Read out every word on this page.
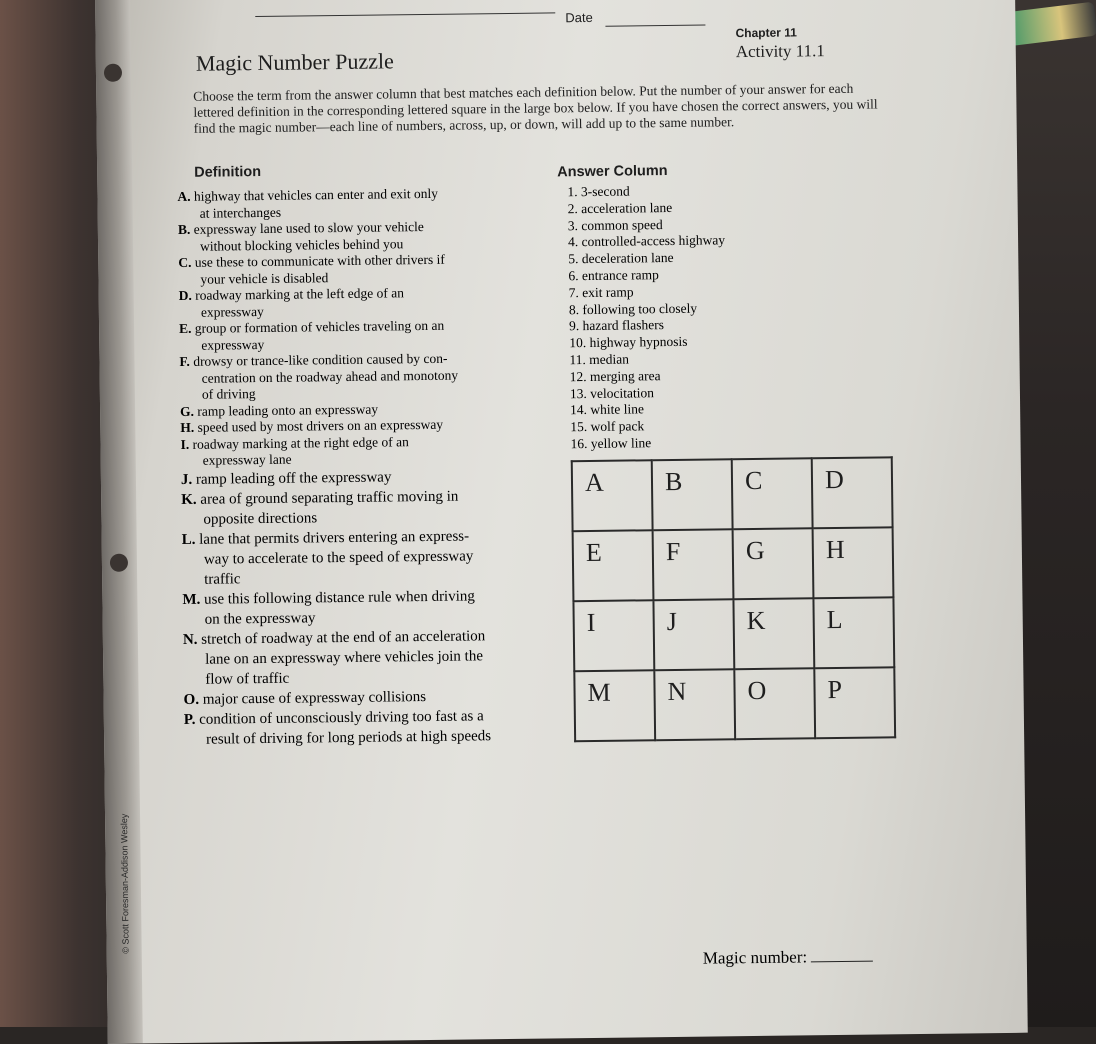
© Scott Foresman-Addison Wesley
Date
Chapter 11
Activity 11.1
Magic Number Puzzle
Choose the term from the answer column that best matches each definition below. Put the number of your answer for each lettered definition in the corresponding lettered square in the large box below. If you have chosen the correct answers, you will find the magic number—each line of numbers, across, up, or down, will add up to the same number.
Definition	Answer Column
A. highway that vehicles can enter and exit only
at interchanges
B. expressway lane used to slow your vehicle
without blocking vehicles behind you
C. use these to communicate with other drivers if
your vehicle is disabled
D. roadway marking at the left edge of an
expressway
E. group or formation of vehicles traveling on an
expressway
F. drowsy or trance-like condition caused by con-
centration on the roadway ahead and monotony
of driving
G. ramp leading onto an expressway
H. speed used by most drivers on an expressway
I. roadway marking at the right edge of an
expressway lane
J. ramp leading off the expressway
K. area of ground separating traffic moving in
opposite directions
L. lane that permits drivers entering an express-
way to accelerate to the speed of expressway
traffic
M. use this following distance rule when driving
on the expressway
N. stretch of roadway at the end of an acceleration
lane on an expressway where vehicles join the
flow of traffic
O. major cause of expressway collisions
P. condition of unconsciously driving too fast as a
result of driving for long periods at high speeds
1. 3-second
2. acceleration lane
3. common speed
4. controlled-access highway
5. deceleration lane
6. entrance ramp
7. exit ramp
8. following too closely
9. hazard flashers
10. highway hypnosis
11. median
12. merging area
13. velocitation
14. white line
15. wolf pack
16. yellow line
A	B	C	D
E	F	G	H
I	J	K	L
M	N	O	P
Magic number:
